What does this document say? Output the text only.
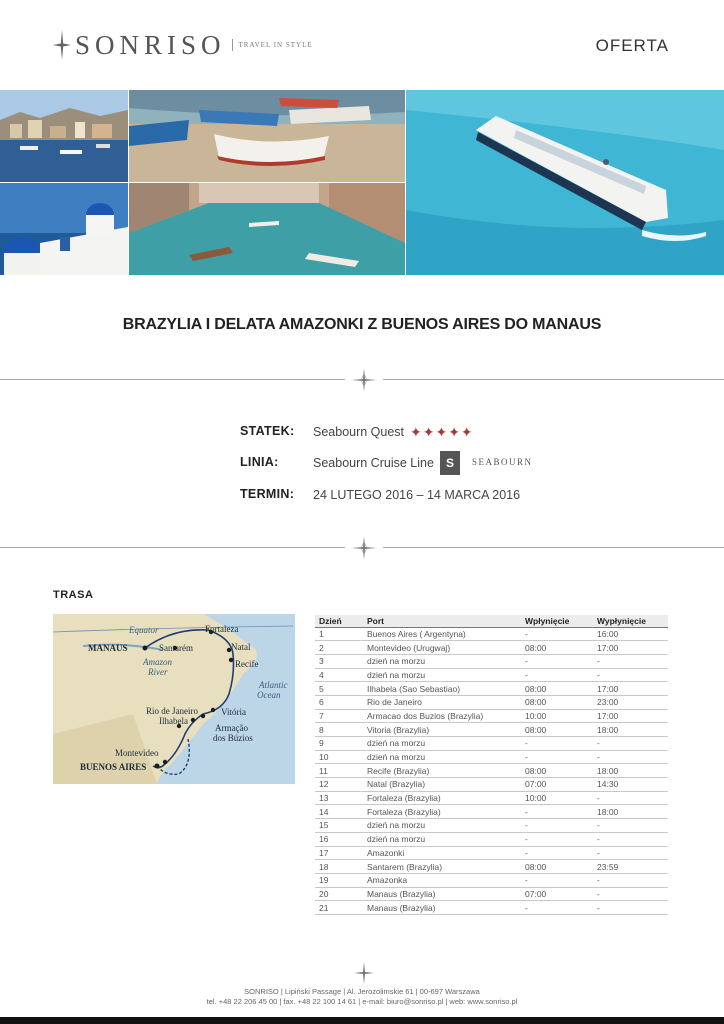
SONRISO	TRAVEL IN STYLE	OFERTA
BRAZYLIA I DELATA AMAZONKI Z BUENOS AIRES DO MANAUS
STATEK: Seabourn Quest ✦✦✦✦✦
LINIA:	Seabourn Cruise Line	S	SEABOURN
TERMIN: 24 LUTEGO 2016 – 14 MARCA 2016
TRASA
Equator	Fortaleza
MANAUS	Santarém	Natal
Amazon
River
Recife
Atlantic
Ocean
Rio de Janeiro
Ilhabela
Vitória
Armação
dos Búzios
Montevideo
BUENOS AIRES
Dzień	Port	Wpłynięcie	Wypłynięcie
1	Buenos Aires ( Argentyna)	-	16:00
2	Montevideo (Urugwaj)	08:00	17:00
3	dzień na morzu	-	-
4	dzień na morzu	-	-
5	Ilhabela (Sao Sebastiao)	08:00	17:00
6	Rio de Janeiro	08:00	23:00
7	Armacao dos Buzios (Brazylia)	10:00	17:00
8	Vitoria (Brazylia)	08:00	18:00
9	dzień na morzu	-	-
10	dzień na morzu	-	-
11	Recife (Brazylia)	08:00	18:00
12	Natal (Brazylia)	07:00	14:30
13	Fortaleza (Brazylia)	10:00	-
14	Fortaleza (Brazylia)	-	18:00
15	dzień na morzu	-	-
16	dzień na morzu	-	-
17	Amazonki	-	-
18	Santarem (Brazylia)	08:00	23:59
19	Amazonka	-	-
20	Manaus (Brazylia)	07:00	-
21	Manaus (Brazylia)	-	-
SONRISO | Lipiński Passage | Al. Jerozolimskie 61 | 00-697 Warszawa
tel. +48 22 206 45 00 | fax. +48 22 100 14 61 | e-mail: biuro@sonriso.pl | web: www.sonriso.pl
